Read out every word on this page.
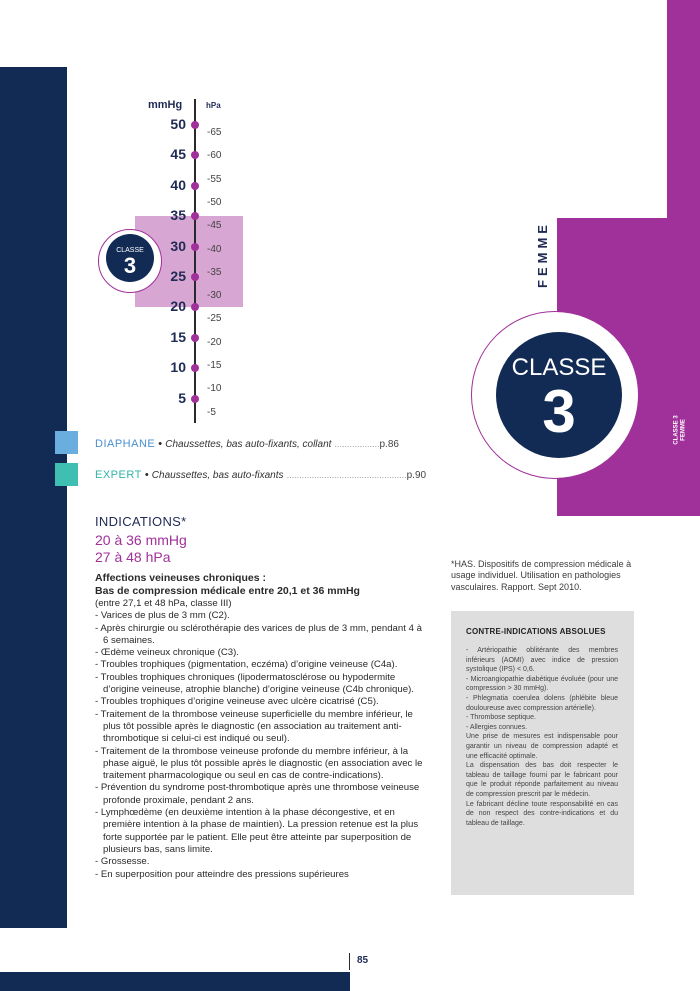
FEMME
CLASSE 3 FEMME
CLASSE
3
mmHg	hPa
50
45
40
35
30
25
20
15
10
5
-65
-60
-55
-50
-45
-40
-35
-30
-25
-20
-15
-10
-5
CLASSE
3
DIAPHANE • Chaussettes, bas auto-fixants, collant ..................p.86
EXPERT • Chaussettes, bas auto-fixants ................................................p.90
INDICATIONS*
20 à 36 mmHg
27 à 48 hPa
Affections veineuses chroniques :
Bas de compression médicale entre 20,1 et 36 mmHg
(entre 27,1 et 48 hPa, classe III)
- Varices de plus de 3 mm (C2).
- Après chirurgie ou sclérothérapie des varices de plus de 3 mm, pendant 4 à 6 semaines.
- Œdème veineux chronique (C3).
- Troubles trophiques (pigmentation, eczéma) d’origine veineuse (C4a).
- Troubles trophiques chroniques (lipodermatosclérose ou hypodermite d’origine veineuse, atrophie blanche) d’origine veineuse (C4b chronique).
- Troubles trophiques d’origine veineuse avec ulcère cicatrisé (C5).
- Traitement de la thrombose veineuse superficielle du membre inférieur, le plus tôt possible après le diagnostic (en association au traitement anti-thrombotique si celui-ci est indiqué ou seul).
- Traitement de la thrombose veineuse profonde du membre inférieur, à la phase aiguë, le plus tôt possible après le diagnostic (en association avec le traitement pharmacologique ou seul en cas de contre-indications).
- Prévention du syndrome post-thrombotique après une thrombose veineuse profonde proximale, pendant 2 ans.
- Lymphœdème (en deuxième intention à la phase décongestive, et en première intention à la phase de maintien). La pression retenue est la plus forte supportée par le patient. Elle peut être atteinte par superposition de plusieurs bas, sans limite.
- Grossesse.
- En superposition pour atteindre des pressions supérieures
*HAS. Dispositifs de compression médicale à usage individuel. Utilisation en pathologies vasculaires. Rapport. Sept 2010.
CONTRE-INDICATIONS ABSOLUES
- Artériopathie oblitérante des membres inférieurs (AOMI) avec indice de pression systolique (IPS) < 0,6.
- Microangiopathie diabétique évoluée (pour une compression > 30 mmHg).
- Phlegmatia coerulea dolens (phlébite bleue douloureuse avec compression artérielle).
- Thrombose septique.
- Allergies connues.
Une prise de mesures est indispensable pour garantir un niveau de compression adapté et une efficacité optimale.
La dispensation des bas doit respecter le tableau de taillage fourni par le fabricant pour que le produit réponde parfaitement au niveau de compression prescrit par le médecin.
Le fabricant décline toute responsabilité en cas de non respect des contre-indications et du tableau de taillage.
85
